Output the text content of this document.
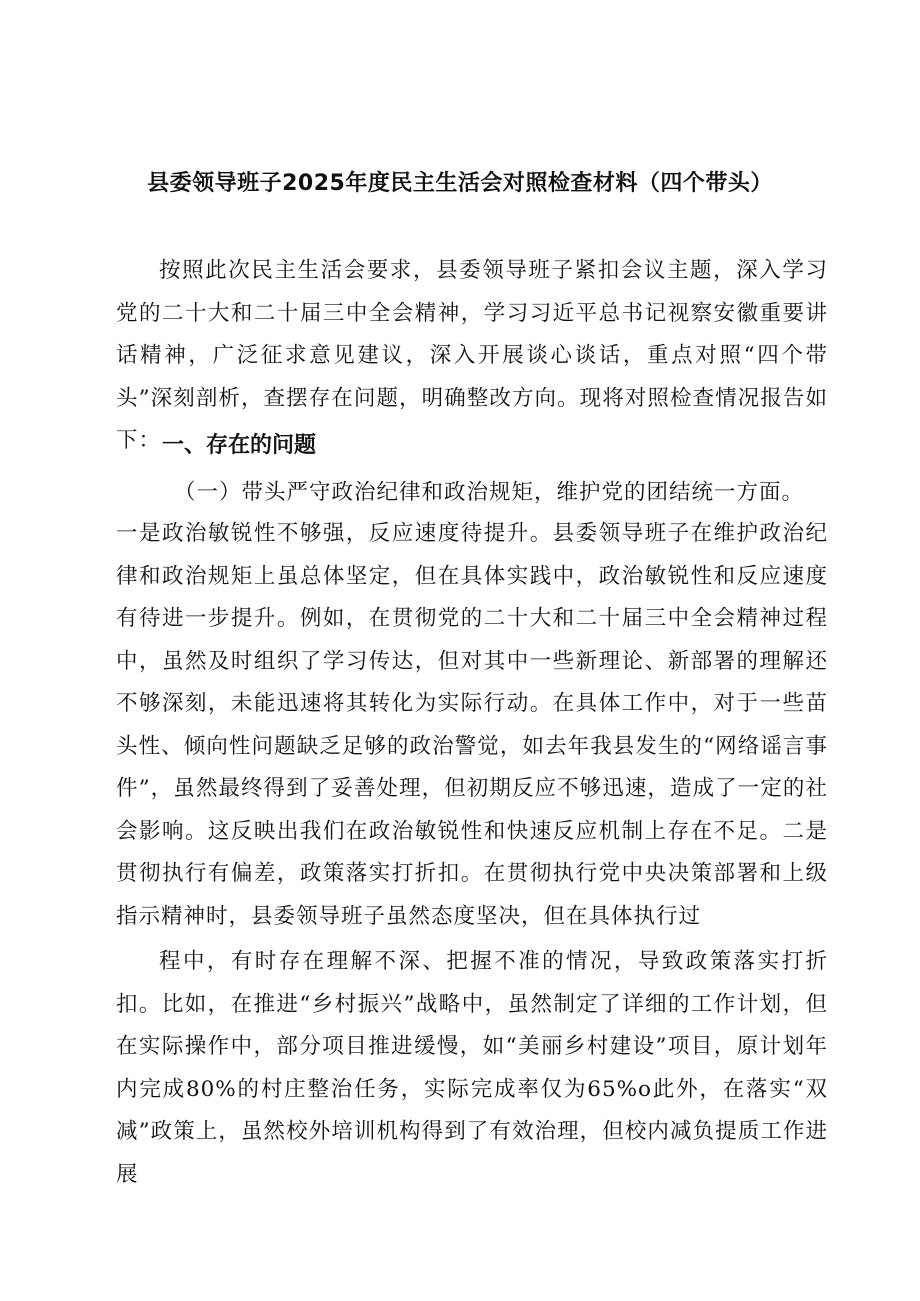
县委领导班子2025年度民主生活会对照检查材料（四个带头）

按照此次民主生活会要求，县委领导班子紧扣会议主题，深入学习党的二十大和二十届三中全会精神，学习习近平总书记视察安徽重要讲话精神，广泛征求意见建议，深入开展谈心谈话，重点对照“四个带头”深刻剖析，查摆存在问题，明确整改方向。现将对照检查情况报告如下： 一、存在的问题
（一）带头严守政治纪律和政治规矩，维护党的团结统一方面。

一是政治敏锐性不够强，反应速度待提升。县委领导班子在维护政治纪律和政治规矩上虽总体坚定，但在具体实践中，政治敏锐性和反应速度有待进一步提升。例如，在贯彻党的二十大和二十届三中全会精神过程中，虽然及时组织了学习传达，但对其中一些新理论、新部署的理解还不够深刻，未能迅速将其转化为实际行动。在具体工作中，对于一些苗头性、倾向性问题缺乏足够的政治警觉，如去年我县发生的“网络谣言事件”，虽然最终得到了妥善处理，但初期反应不够迅速，造成了一定的社会影响。这反映出我们在政治敏锐性和快速反应机制上存在不足。二是贯彻执行有偏差，政策落实打折扣。在贯彻执行党中央决策部署和上级指示精神时，县委领导班子虽然态度坚决，但在具体执行过

程中，有时存在理解不深、把握不准的情况，导致政策落实打折扣。比如，在推进“乡村振兴”战略中，虽然制定了详细的工作计划，但在实际操作中，部分项目推进缓慢，如“美丽乡村建设”项目，原计划年内完成80%的村庄整治任务，实际完成率仅为65%o此外，在落实“双减”政策上，虽然校外培训机构得到了有效治理，但校内减负提质工作进展
